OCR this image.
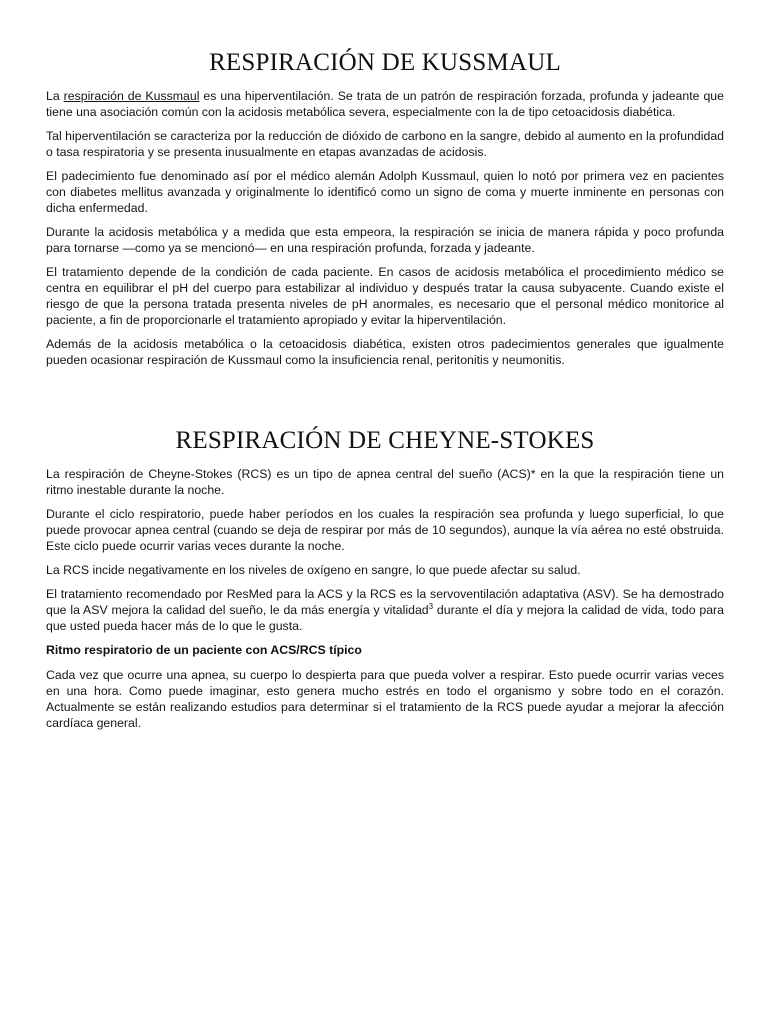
RESPIRACIÓN DE KUSSMAUL

La respiración de Kussmaul es una hiperventilación. Se trata de un patrón de respiración forzada, profunda y jadeante que tiene una asociación común con la acidosis metabólica severa, especialmente con la de tipo cetoacidosis diabética.

Tal hiperventilación se caracteriza por la reducción de dióxido de carbono en la sangre, debido al aumento en la profundidad o tasa respiratoria y se presenta inusualmente en etapas avanzadas de acidosis.

El padecimiento fue denominado así por el médico alemán Adolph Kussmaul, quien lo notó por primera vez en pacientes con diabetes mellitus avanzada y originalmente lo identificó como un signo de coma y muerte inminente en personas con dicha enfermedad.

Durante la acidosis metabólica y a medida que esta empeora, la respiración se inicia de manera rápida y poco profunda para tornarse —como ya se mencionó— en una respiración profunda, forzada y jadeante.

El tratamiento depende de la condición de cada paciente. En casos de acidosis metabólica el procedimiento médico se centra en equilibrar el pH del cuerpo para estabilizar al individuo y después tratar la causa subyacente. Cuando existe el riesgo de que la persona tratada presenta niveles de pH anormales, es necesario que el personal médico monitorice al paciente, a fin de proporcionarle el tratamiento apropiado y evitar la hiperventilación.

Además de la acidosis metabólica o la cetoacidosis diabética, existen otros padecimientos generales que igualmente pueden ocasionar respiración de Kussmaul como la insuficiencia renal, peritonitis y neumonitis.

RESPIRACIÓN DE CHEYNE-STOKES

La respiración de Cheyne-Stokes (RCS) es un tipo de apnea central del sueño (ACS)* en la que la respiración tiene un ritmo inestable durante la noche.

Durante el ciclo respiratorio, puede haber períodos en los cuales la respiración sea profunda y luego superficial, lo que puede provocar apnea central (cuando se deja de respirar por más de 10 segundos), aunque la vía aérea no esté obstruida. Este ciclo puede ocurrir varias veces durante la noche.

La RCS incide negativamente en los niveles de oxígeno en sangre, lo que puede afectar su salud.

El tratamiento recomendado por ResMed para la ACS y la RCS es la servoventilación adaptativa (ASV). Se ha demostrado que la ASV mejora la calidad del sueño, le da más energía y vitalidad$^3$ durante el día y mejora la calidad de vida, todo para que usted pueda hacer más de lo que le gusta.

Ritmo respiratorio de un paciente con ACS/RCS típico

Cada vez que ocurre una apnea, su cuerpo lo despierta para que pueda volver a respirar. Esto puede ocurrir varias veces en una hora. Como puede imaginar, esto genera mucho estrés en todo el organismo y sobre todo en el corazón. Actualmente se están realizando estudios para determinar si el tratamiento de la RCS puede ayudar a mejorar la afección cardíaca general.
